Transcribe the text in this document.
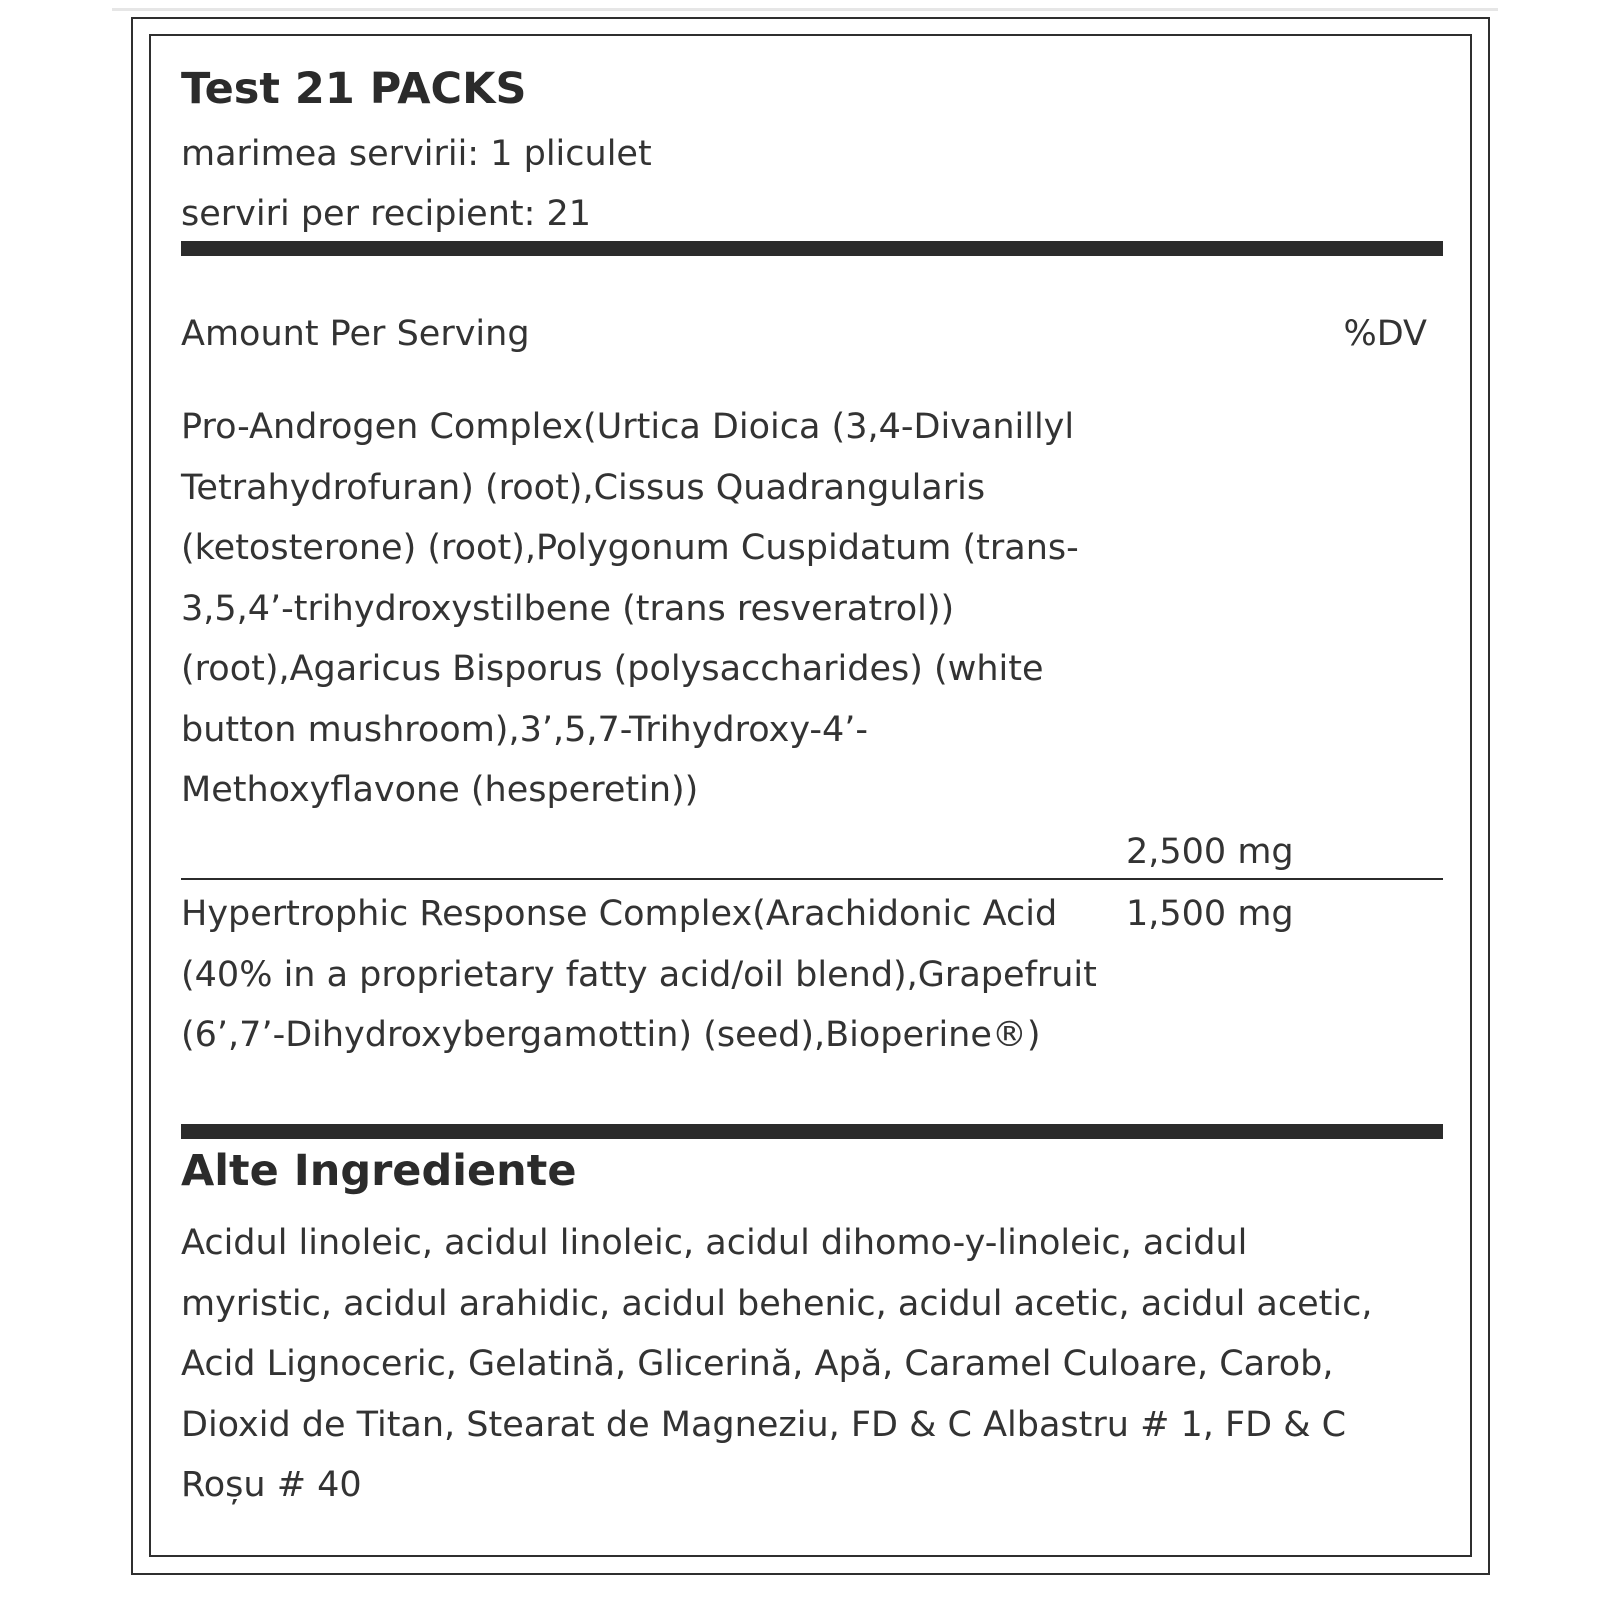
Test 21 PACKS
marimea servirii: 1 pliculet
serviri per recipient: 21
Amount Per Serving	%DV
Pro-Androgen Complex(Urtica Dioica (3,4-Divanillyl Tetrahydrofuran) (root),Cissus Quadrangularis (ketosterone) (root),Polygonum Cuspidatum (trans-3,5,4’-trihydroxystilbene (trans resveratrol)) (root),Agaricus Bisporus (polysaccharides) (white button mushroom),3’,5,7-Trihydroxy-4’-Methoxyflavone (hesperetin))
2,500 mg
Hypertrophic Response Complex(Arachidonic Acid (40% in a proprietary fatty acid/oil blend),Grapefruit (6’,7’-Dihydroxybergamottin) (seed),Bioperine®)
1,500 mg
Alte Ingrediente
Acidul linoleic, acidul linoleic, acidul dihomo-y-linoleic, acidul myristic, acidul arahidic, acidul behenic, acidul acetic, acidul acetic, Acid Lignoceric, Gelatină, Glicerină, Apă, Caramel Culoare, Carob, Dioxid de Titan, Stearat de Magneziu, FD & C Albastru # 1, FD & C Roșu # 40
